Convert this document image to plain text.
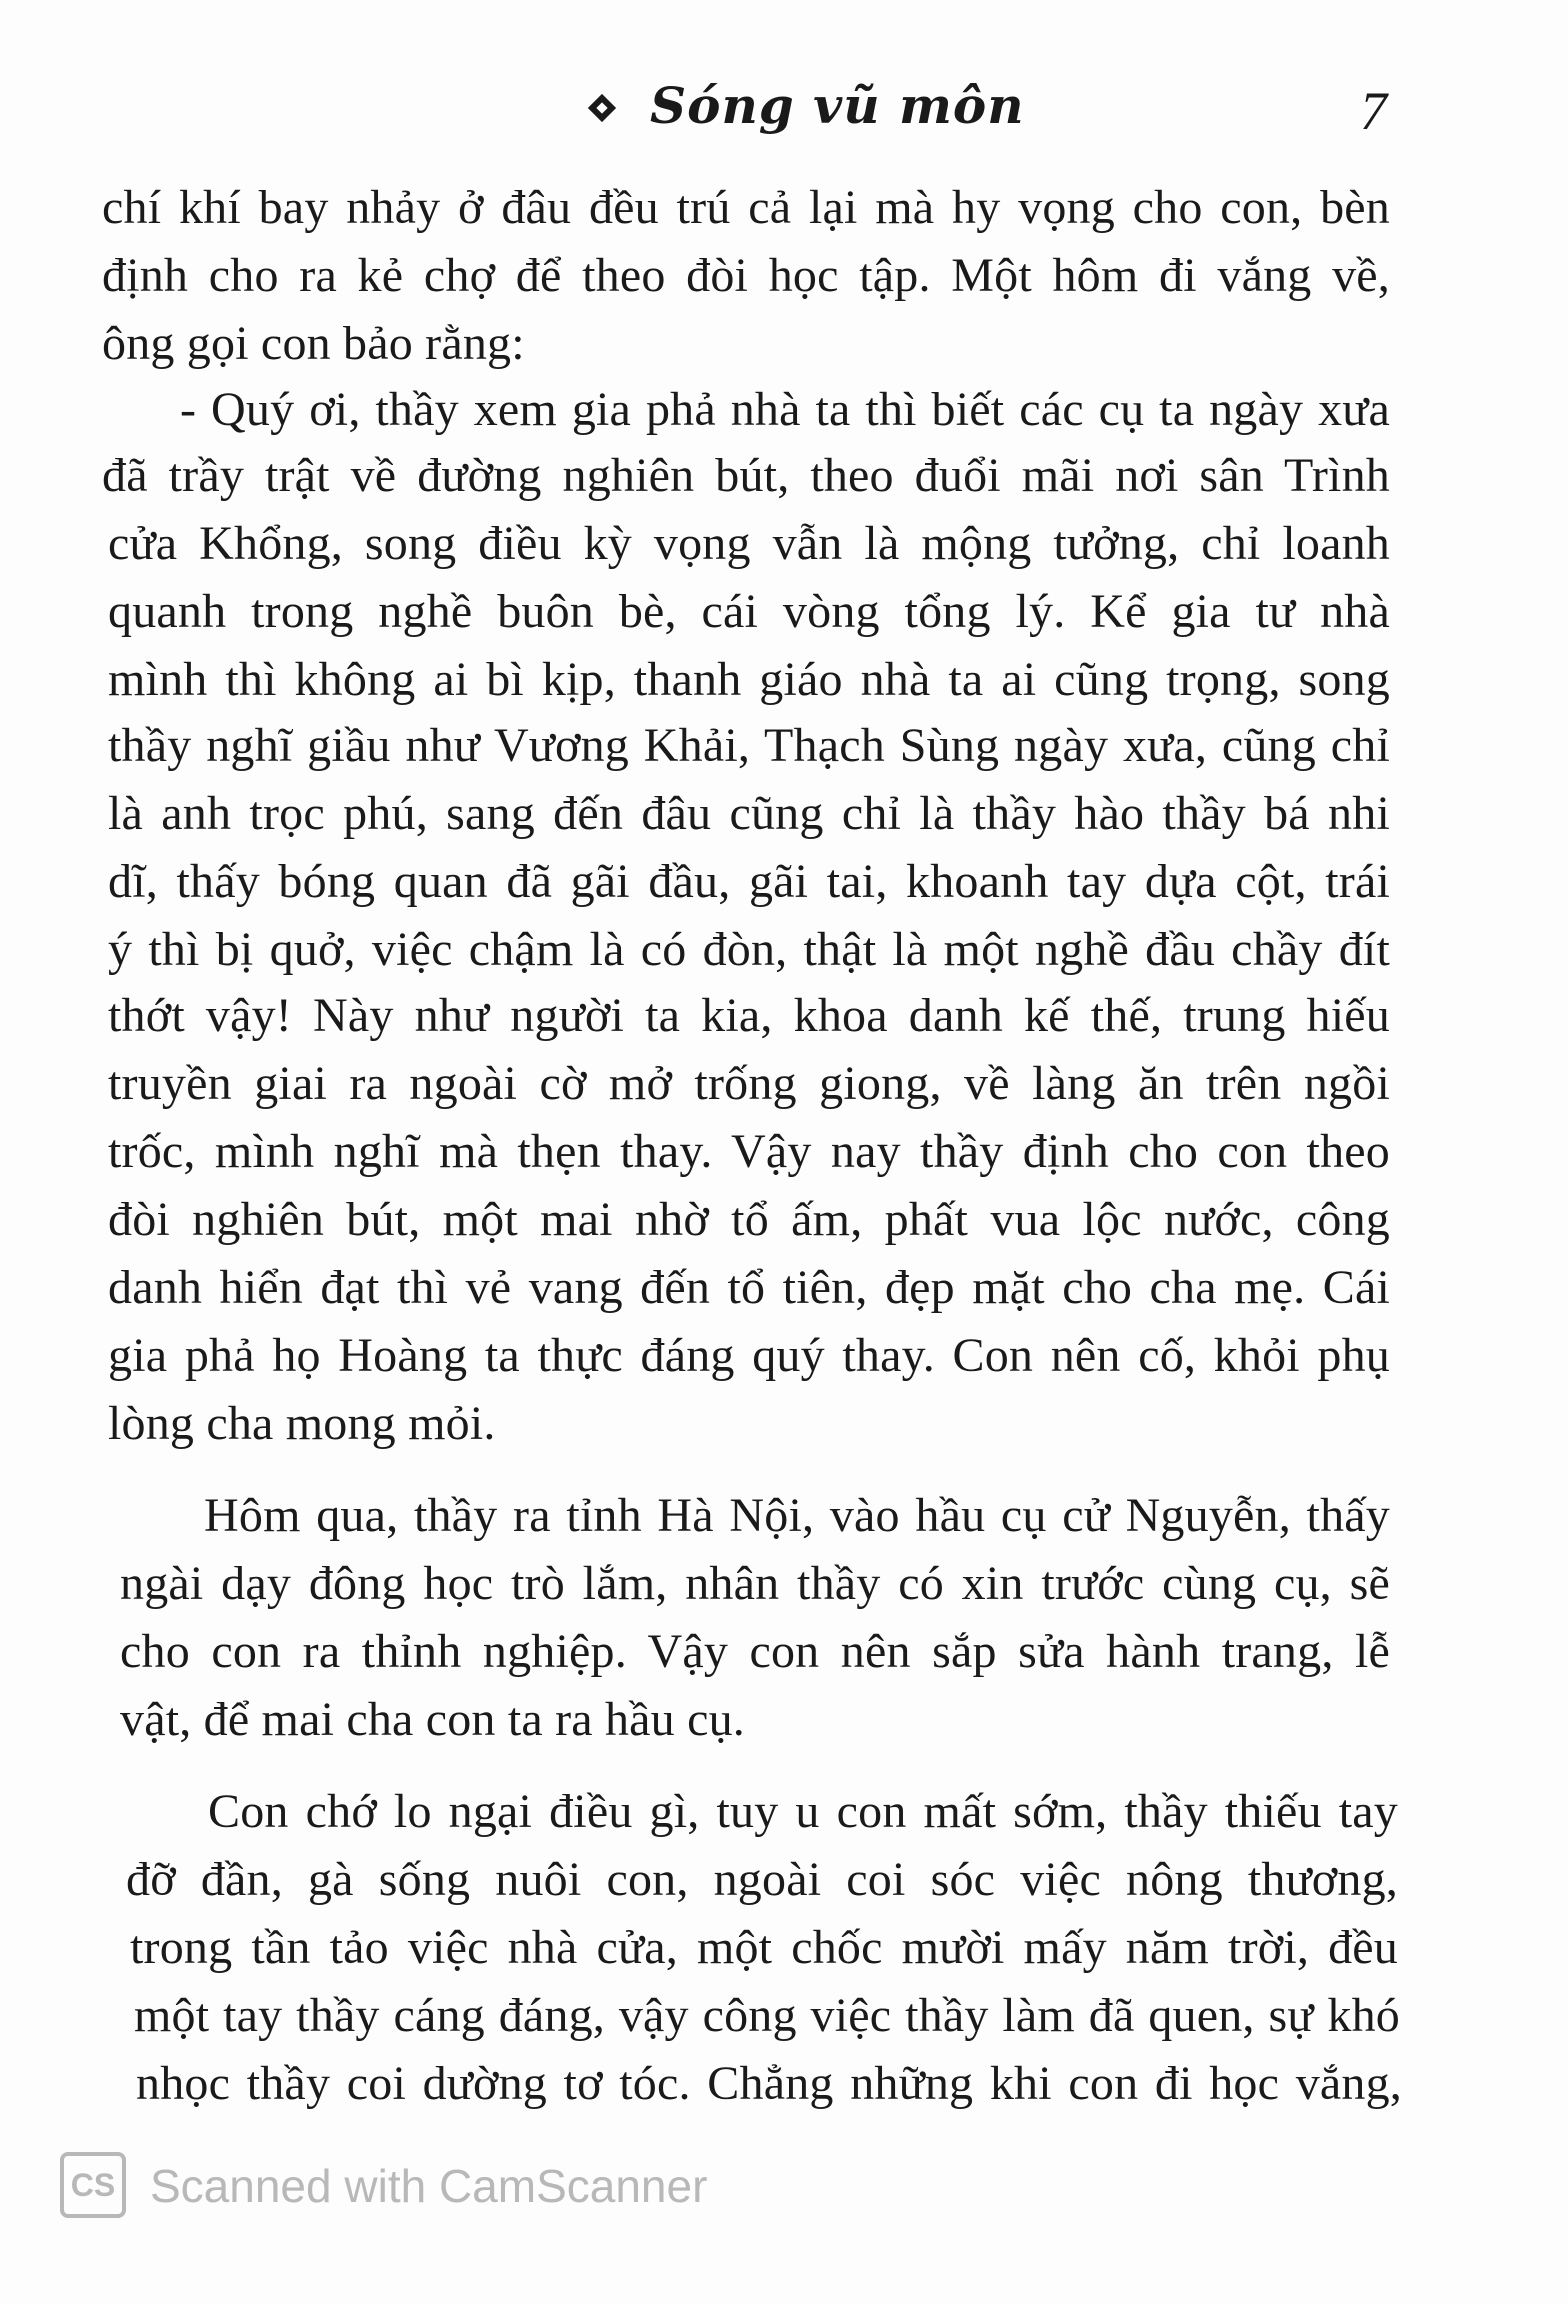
Sóng vũ môn	7
chí khí bay nhảy ở đâu đều trú cả lại mà hy vọng cho con, bèn
định cho ra kẻ chợ để theo đòi học tập. Một hôm đi vắng về,
ông gọi con bảo rằng:
- Quý ơi, thầy xem gia phả nhà ta thì biết các cụ ta ngày xưa
đã trầy trật về đường nghiên bút, theo đuổi mãi nơi sân Trình
cửa Khổng, song điều kỳ vọng vẫn là mộng tưởng, chỉ loanh
quanh trong nghề buôn bè, cái vòng tổng lý. Kể gia tư nhà
mình thì không ai bì kịp, thanh giáo nhà ta ai cũng trọng, song
thầy nghĩ giầu như Vương Khải, Thạch Sùng ngày xưa, cũng chỉ
là anh trọc phú, sang đến đâu cũng chỉ là thầy hào thầy bá nhi
dĩ, thấy bóng quan đã gãi đầu, gãi tai, khoanh tay dựa cột, trái
ý thì bị quở, việc chậm là có đòn, thật là một nghề đầu chầy đít
thớt vậy! Này như người ta kia, khoa danh kế thế, trung hiếu
truyền giai ra ngoài cờ mở trống giong, về làng ăn trên ngồi
trốc, mình nghĩ mà thẹn thay. Vậy nay thầy định cho con theo
đòi nghiên bút, một mai nhờ tổ ấm, phất vua lộc nước, công
danh hiển đạt thì vẻ vang đến tổ tiên, đẹp mặt cho cha mẹ. Cái
gia phả họ Hoàng ta thực đáng quý thay. Con nên cố, khỏi phụ
lòng cha mong mỏi.
Hôm qua, thầy ra tỉnh Hà Nội, vào hầu cụ cử Nguyễn, thấy
ngài dạy đông học trò lắm, nhân thầy có xin trước cùng cụ, sẽ
cho con ra thỉnh nghiệp. Vậy con nên sắp sửa hành trang, lễ
vật, để mai cha con ta ra hầu cụ.
Con chớ lo ngại điều gì, tuy u con mất sớm, thầy thiếu tay
đỡ đần, gà sống nuôi con, ngoài coi sóc việc nông thương,
trong tần tảo việc nhà cửa, một chốc mười mấy năm trời, đều
một tay thầy cáng đáng, vậy công việc thầy làm đã quen, sự khó
nhọc thầy coi dường tơ tóc. Chẳng những khi con đi học vắng,
CS Scanned with CamScanner
